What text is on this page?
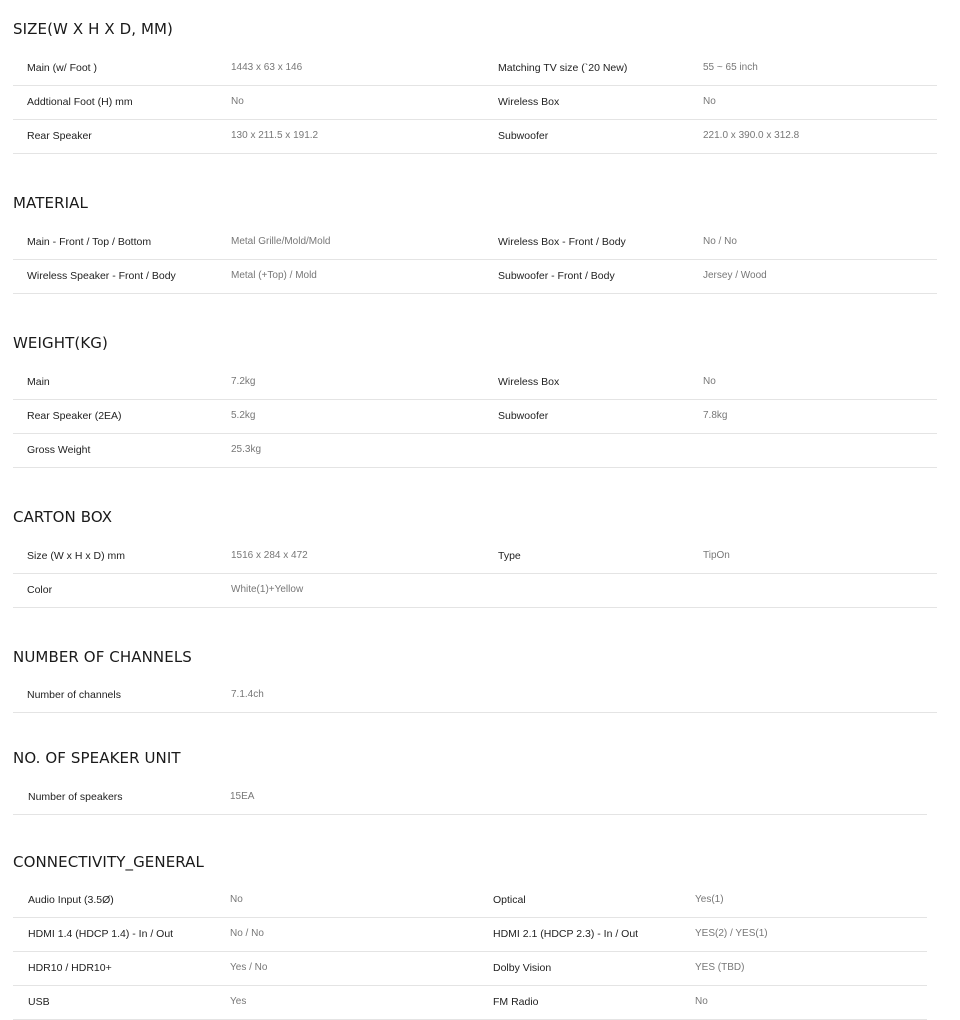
SIZE(W X H X D, MM)
Main (w/ Foot )	1443 x 63 x 146	Matching TV size (`20 New)	55 ~ 65 inch
Addtional Foot (H) mm	No	Wireless Box	No
Rear Speaker	130 x 211.5 x 191.2	Subwoofer	221.0 x 390.0 x 312.8
MATERIAL
Main - Front / Top / Bottom	Metal Grille/Mold/Mold	Wireless Box - Front / Body	No / No
Wireless Speaker - Front / Body	Metal (+Top) / Mold	Subwoofer - Front / Body	Jersey / Wood
WEIGHT(KG)
Main	7.2kg	Wireless Box	No
Rear Speaker (2EA)	5.2kg	Subwoofer	7.8kg
Gross Weight	25.3kg
CARTON BOX
Size (W x H x D) mm	1516 x 284 x 472	Type	TipOn
Color	White(1)+Yellow
NUMBER OF CHANNELS
Number of channels	7.1.4ch
NO. OF SPEAKER UNIT
Number of speakers	15EA
CONNECTIVITY_GENERAL
Audio Input (3.5Ø)	No	Optical	Yes(1)
HDMI 1.4 (HDCP 1.4) - In / Out	No / No	HDMI 2.1 (HDCP 2.3) - In / Out	YES(2) / YES(1)
HDR10 / HDR10+	Yes / No	Dolby Vision	YES (TBD)
USB	Yes	FM Radio	No
